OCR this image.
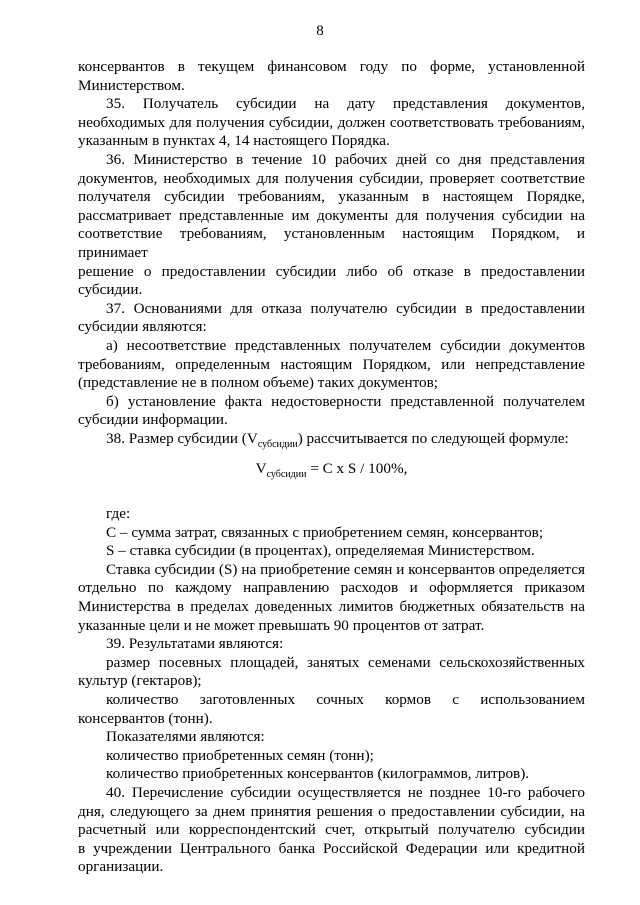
8
консервантов в текущем финансовом году по форме, установленной
Министерством.
35. Получатель субсидии на дату представления документов,
необходимых для получения субсидии, должен соответствовать требованиям,
указанным в пунктах 4, 14 настоящего Порядка.
36. Министерство в течение 10 рабочих дней со дня представления
документов, необходимых для получения субсидии, проверяет соответствие
получателя субсидии требованиям, указанным в настоящем Порядке,
рассматривает представленные им документы для получения субсидии на
соответствие требованиям, установленным настоящим Порядком, и принимает
решение о предоставлении субсидии либо об отказе в предоставлении
субсидии.
37. Основаниями для отказа получателю субсидии в предоставлении
субсидии являются:
а) несоответствие представленных получателем субсидии документов
требованиям, определенным настоящим Порядком, или непредставление
(представление не в полном объеме) таких документов;
б) установление факта недостоверности представленной получателем
субсидии информации.
38. Размер субсидии $(V_{субсидии})$ рассчитывается по следующей формуле:
$V_{субсидии} = С$ x S / 100%,
где:
С – сумма затрат, связанных с приобретением семян, консервантов;
S – ставка субсидии (в процентах), определяемая Министерством.
Ставка субсидии (S) на приобретение семян и консервантов определяется
отдельно по каждому направлению расходов и оформляется приказом
Министерства в пределах доведенных лимитов бюджетных обязательств на
указанные цели и не может превышать 90 процентов от затрат.
39. Результатами являются:
размер посевных площадей, занятых семенами сельскохозяйственных
культур (гектаров);
количество заготовленных сочных кормов с использованием
консервантов (тонн).
Показателями являются:
количество приобретенных семян (тонн);
количество приобретенных консервантов (килограммов, литров).
40. Перечисление субсидии осуществляется не позднее 10-го рабочего
дня, следующего за днем принятия решения о предоставлении субсидии, на
расчетный или корреспондентский счет, открытый получателю субсидии
в учреждении Центрального банка Российской Федерации или кредитной
организации.
